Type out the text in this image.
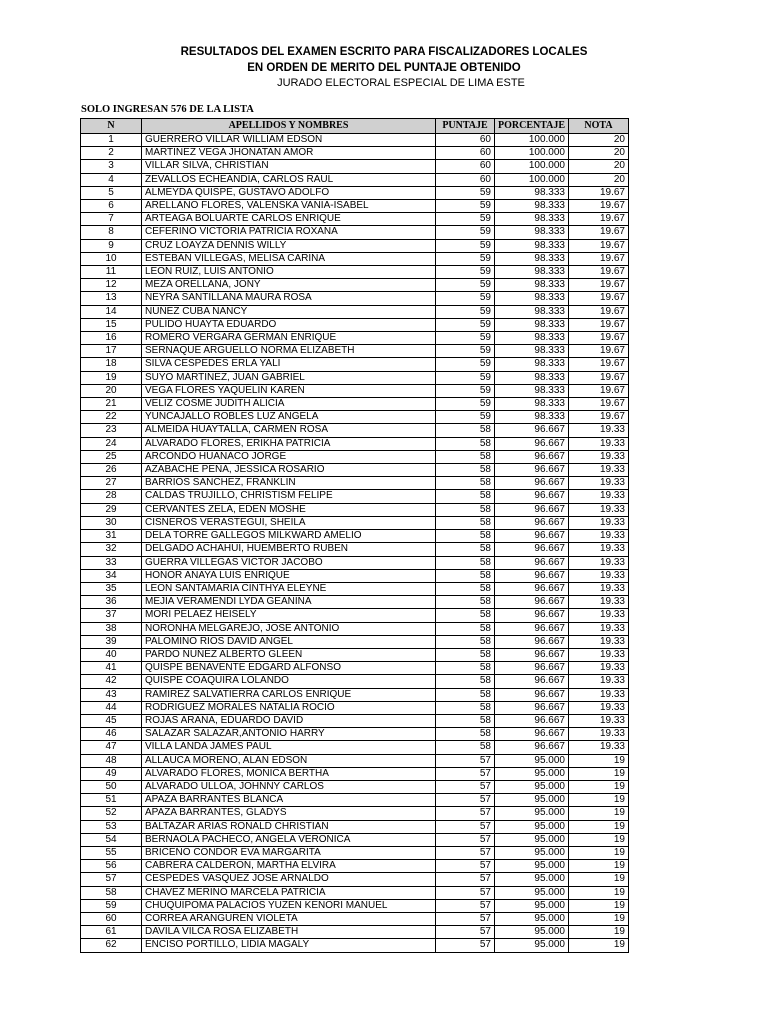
RESULTADOS DEL EXAMEN ESCRITO PARA FISCALIZADORES LOCALES
EN ORDEN DE MERITO DEL PUNTAJE OBTENIDO
JURADO ELECTORAL ESPECIAL DE LIMA ESTE
SOLO INGRESAN 576 DE LA LISTA
N	APELLIDOS Y NOMBRES	PUNTAJE	PORCENTAJE	NOTA
1	GUERRERO VILLAR WILLIAM EDSON	60	100.000	20
2	MARTINEZ VEGA JHONATAN AMOR	60	100.000	20
3	VILLAR SILVA, CHRISTIAN	60	100.000	20
4	ZEVALLOS ECHEANDIA, CARLOS RAUL	60	100.000	20
5	ALMEYDA QUISPE, GUSTAVO ADOLFO	59	98.333	19.67
6	ARELLANO FLORES, VALENSKA VANIA-ISABEL	59	98.333	19.67
7	ARTEAGA BOLUARTE CARLOS ENRIQUE	59	98.333	19.67
8	CEFERINO VICTORIA PATRICIA ROXANA	59	98.333	19.67
9	CRUZ LOAYZA DENNIS WILLY	59	98.333	19.67
10	ESTEBAN VILLEGAS, MELISA CARINA	59	98.333	19.67
11	LEON RUIZ, LUIS ANTONIO	59	98.333	19.67
12	MEZA ORELLANA, JONY	59	98.333	19.67
13	NEYRA SANTILLANA MAURA ROSA	59	98.333	19.67
14	NUÑEZ CUBA NANCY	59	98.333	19.67
15	PULIDO HUAYTA EDUARDO	59	98.333	19.67
16	ROMERO VERGARA GERMAN ENRIQUE	59	98.333	19.67
17	SERNAQUE ARGUELLO NORMA ELIZABETH	59	98.333	19.67
18	SILVA CESPEDES ERLA YALI	59	98.333	19.67
19	SUYO MARTINEZ, JUAN GABRIEL	59	98.333	19.67
20	VEGA FLORES YAQUELIN KAREN	59	98.333	19.67
21	VELIZ COSME JUDITH ALICIA	59	98.333	19.67
22	YUNCAJALLO ROBLES LUZ ANGELA	59	98.333	19.67
23	ALMEIDA HUAYTALLA, CARMEN ROSA	58	96.667	19.33
24	ALVARADO FLORES, ERIKHA PATRICIA	58	96.667	19.33
25	ARCONDO HUANACO JORGE	58	96.667	19.33
26	AZABACHE PEÑA, JESSICA ROSARIO	58	96.667	19.33
27	BARRIOS SANCHEZ, FRANKLIN	58	96.667	19.33
28	CALDAS TRUJILLO, CHRISTISM FELIPE	58	96.667	19.33
29	CERVANTES ZELA, EDEN MOSHE	58	96.667	19.33
30	CISNEROS VERASTEGUI, SHEILA	58	96.667	19.33
31	DELA TORRE GALLEGOS MILKWARD AMELIO	58	96.667	19.33
32	DELGADO ACHAHUI, HUEMBERTO RUBEN	58	96.667	19.33
33	GUERRA VILLEGAS VICTOR JACOBO	58	96.667	19.33
34	HONOR ANAYA LUIS ENRIQUE	58	96.667	19.33
35	LEON SANTAMARIA CINTHYA ELEYNE	58	96.667	19.33
36	MEJIA VERAMENDI LYDA GEANINA	58	96.667	19.33
37	MORI PELAEZ HEISELY	58	96.667	19.33
38	NORONHA MELGAREJO, JOSE ANTONIO	58	96.667	19.33
39	PALOMINO RIOS DAVID ANGEL	58	96.667	19.33
40	PARDO NUÑEZ ALBERTO GLEEN	58	96.667	19.33
41	QUISPE BENAVENTE EDGARD ALFONSO	58	96.667	19.33
42	QUISPE COAQUIRA LOLANDO	58	96.667	19.33
43	RAMIREZ SALVATIERRA CARLOS ENRIQUE	58	96.667	19.33
44	RODRIGUEZ MORALES NATALIA ROCIO	58	96.667	19.33
45	ROJAS ARANA, EDUARDO DAVID	58	96.667	19.33
46	SALAZAR SALAZAR,ANTONIO HARRY	58	96.667	19.33
47	VILLA LANDA JAMES PAUL	58	96.667	19.33
48	ALLAUCA MORENO, ALAN EDSON	57	95.000	19
49	ALVARADO FLORES, MONICA BERTHA	57	95.000	19
50	ALVARADO ULLOA, JOHNNY CARLOS	57	95.000	19
51	APAZA BARRANTES BLANCA	57	95.000	19
52	APAZA BARRANTES, GLADYS	57	95.000	19
53	BALTAZAR ARIAS RONALD CHRISTIAN	57	95.000	19
54	BERNAOLA PACHECO, ANGELA VERONICA	57	95.000	19
55	BRICEÑO CONDOR EVA MARGARITA	57	95.000	19
56	CABRERA CALDERON, MARTHA ELVIRA	57	95.000	19
57	CESPEDES VASQUEZ JOSE ARNALDO	57	95.000	19
58	CHAVEZ MERINO MARCELA PATRICIA	57	95.000	19
59	CHUQUIPOMA PALACIOS YUZEN KENORI MANUEL	57	95.000	19
60	CORREA ARANGUREN VIOLETA	57	95.000	19
61	DAVILA VILCA ROSA ELIZABETH	57	95.000	19
62	ENCISO PORTILLO, LIDIA MAGALY	57	95.000	19
